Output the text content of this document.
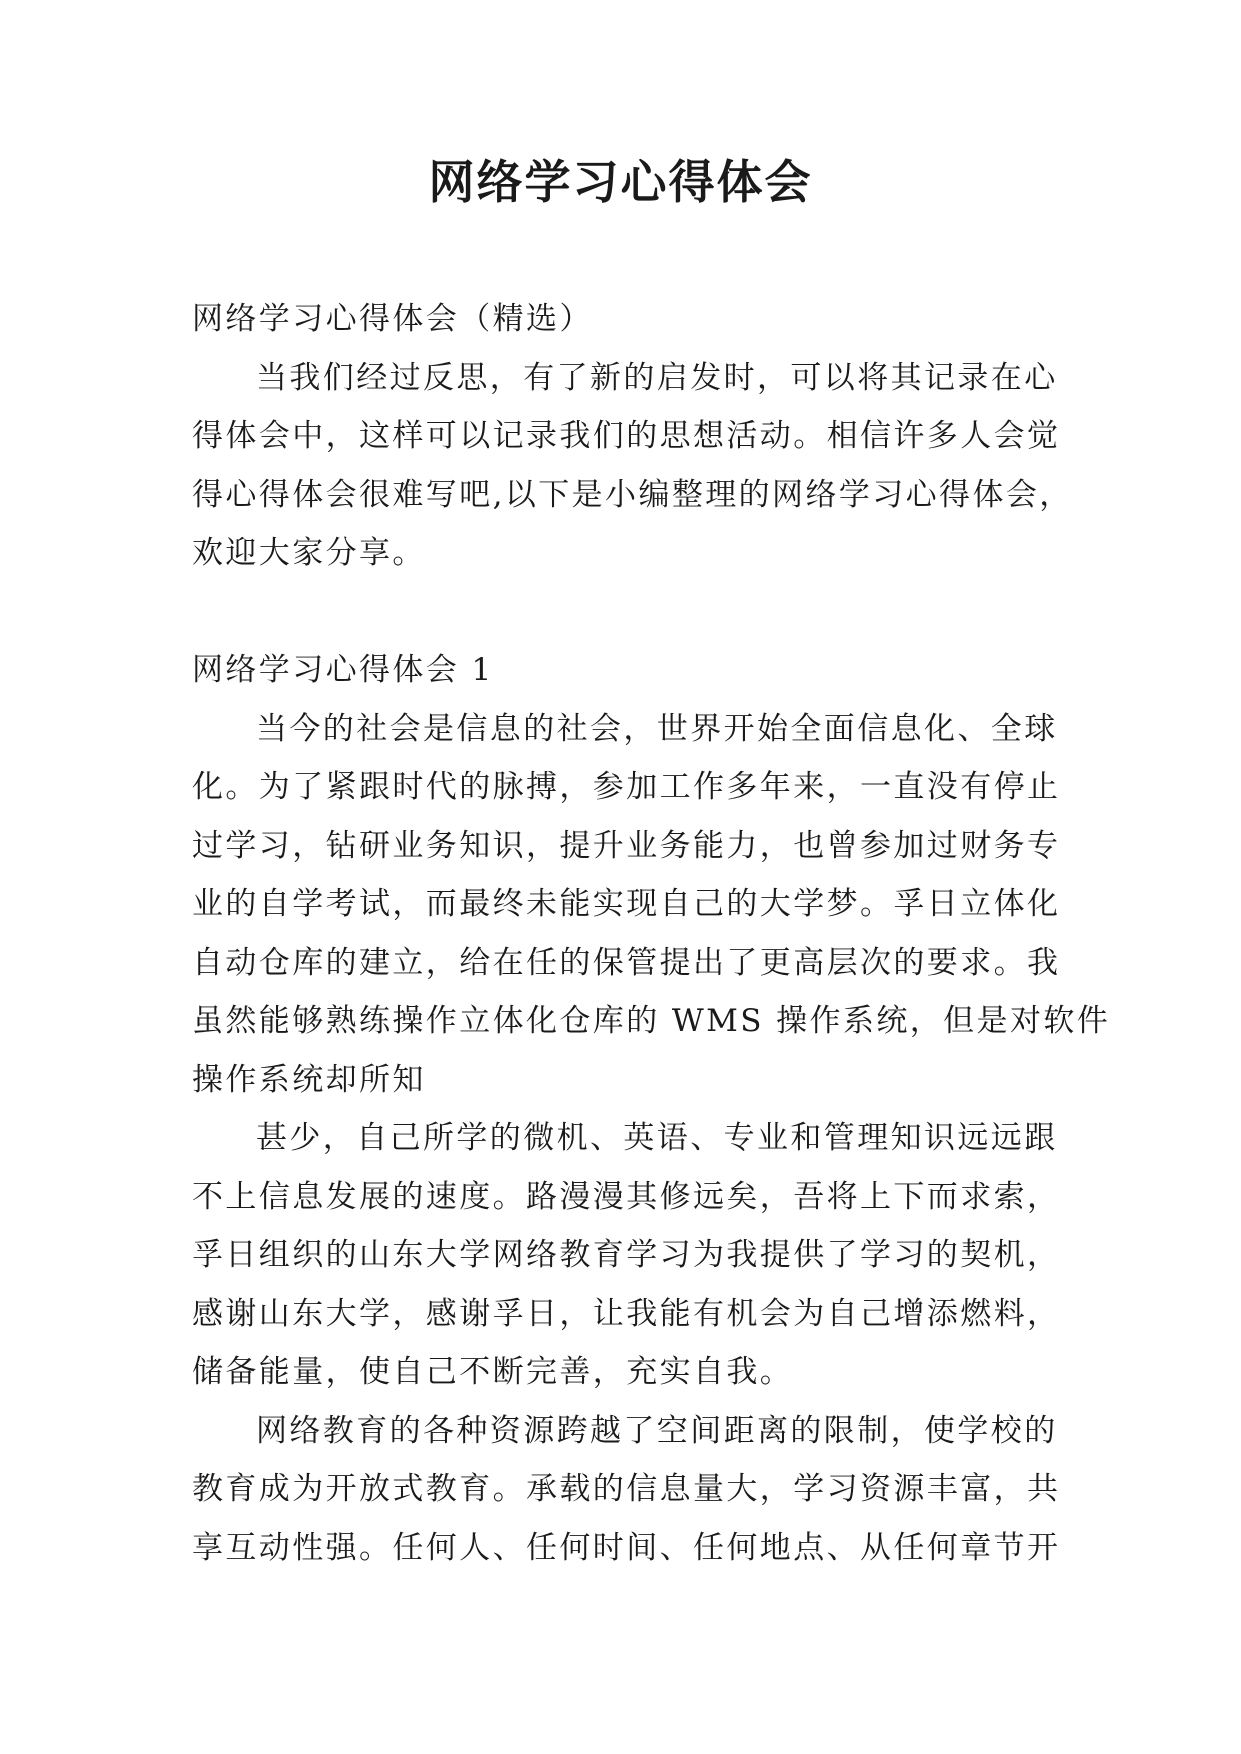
网络学习心得体会
网络学习心得体会（精选）
当我们经过反思，有了新的启发时，可以将其记录在心
得体会中，这样可以记录我们的思想活动。相信许多人会觉
得心得体会很难写吧,以下是小编整理的网络学习心得体会，
欢迎大家分享。
网络学习心得体会 1
当今的社会是信息的社会，世界开始全面信息化、全球
化。为了紧跟时代的脉搏，参加工作多年来，一直没有停止
过学习，钻研业务知识，提升业务能力，也曾参加过财务专
业的自学考试，而最终未能实现自己的大学梦。孚日立体化
自动仓库的建立，给在任的保管提出了更高层次的要求。我
虽然能够熟练操作立体化仓库的 WMS 操作系统，但是对软件
操作系统却所知
甚少，自己所学的微机、英语、专业和管理知识远远跟
不上信息发展的速度。路漫漫其修远矣，吾将上下而求索，
孚日组织的山东大学网络教育学习为我提供了学习的契机，
感谢山东大学，感谢孚日，让我能有机会为自己增添燃料，
储备能量，使自己不断完善，充实自我。
网络教育的各种资源跨越了空间距离的限制，使学校的
教育成为开放式教育。承载的信息量大，学习资源丰富，共
享互动性强。任何人、任何时间、任何地点、从任何章节开
